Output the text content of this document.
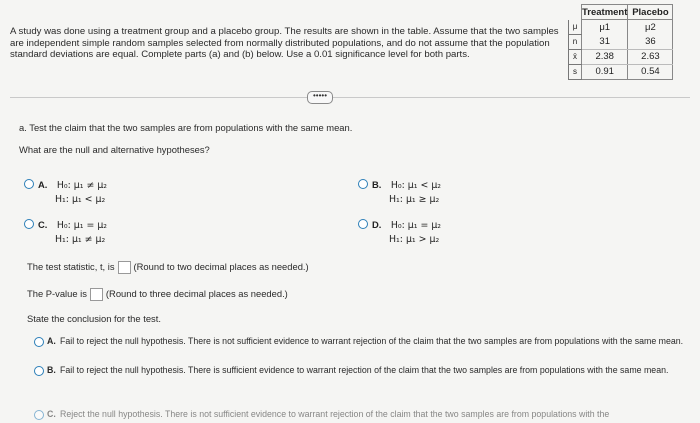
A study was done using a treatment group and a placebo group. The results are shown in the table. Assume that the two samples are independent simple random samples selected from normally distributed populations, and do not assume that the population standard deviations are equal. Complete parts (a) and (b) below. Use a 0.01 significance level for both parts.
	Treatment	Placebo
μ	μ1	μ2
n	31	36
x̄	2.38	2.63
s	0.91	0.54
•••••
a. Test the claim that the two samples are from populations with the same mean.
What are the null and alternative hypotheses?
A. H₀: μ₁ ≠ μ₂
H₁: μ₁ < μ₂
B. H₀: μ₁ < μ₂
H₁: μ₁ ≥ μ₂
C. H₀: μ₁ = μ₂
H₁: μ₁ ≠ μ₂
D. H₀: μ₁ = μ₂
H₁: μ₁ > μ₂
The test statistic, t, is (Round to two decimal places as needed.)
The P-value is (Round to three decimal places as needed.)
State the conclusion for the test.
A. Fail to reject the null hypothesis. There is not sufficient evidence to warrant rejection of the claim that the two samples are from populations with the same mean.
B. Fail to reject the null hypothesis. There is sufficient evidence to warrant rejection of the claim that the two samples are from populations with the same mean.
C. Reject the null hypothesis. There is not sufficient evidence to warrant rejection of the claim that the two samples are from populations with the
